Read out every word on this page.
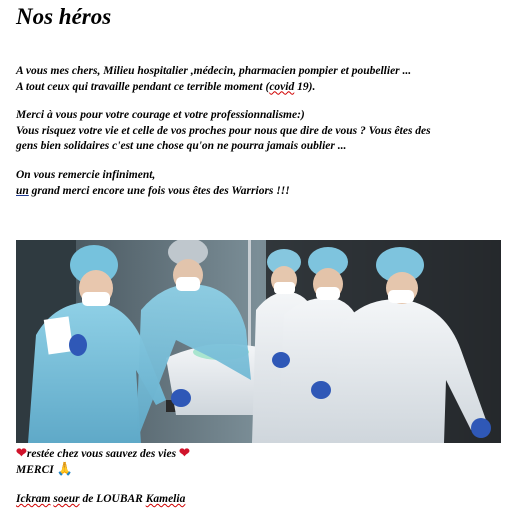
Nos héros
A vous mes chers, Milieu hospitalier ,médecin, pharmacien pompier et poubellier ...
A tout ceux qui travaille pendant ce terrible moment (covid 19).
Merci à vous pour votre courage et votre professionnalisme:)
Vous risquez votre vie et celle de vos proches pour nous que dire de vous ? Vous êtes des
gens bien solidaires c'est une chose qu'on ne pourra jamais oublier ...
On vous remercie infiniment,
un grand merci encore une fois vous êtes des Warriors !!!
❤restée chez vous sauvez des vies ❤
MERCI 🙏
Ickram soeur de LOUBAR Kamelia
